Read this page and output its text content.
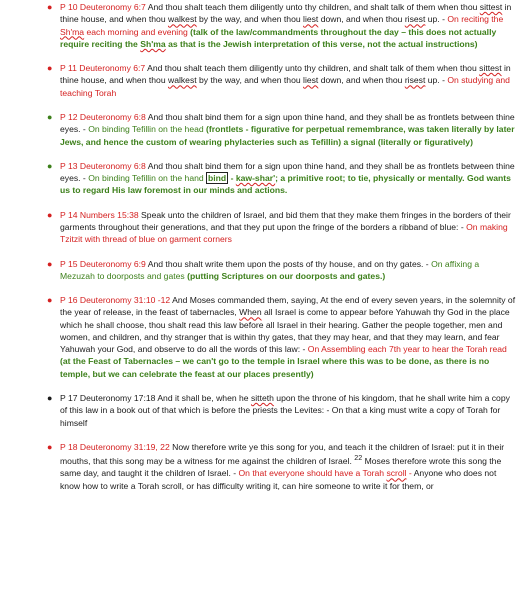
● P 10 Deuteronomy 6:7 And thou shalt teach them diligently unto thy children, and shalt talk of them when thou sittest in thine house, and when thou walkest by the way, and when thou liest down, and when thou risest up. - On reciting the Sh'ma each morning and evening (talk of the law/commandments throughout the day – this does not actually require reciting the Sh'ma as that is the Jewish interpretation of this verse, not the actual instructions)
● P 11 Deuteronomy 6:7 And thou shalt teach them diligently unto thy children, and shalt talk of them when thou sittest in thine house, and when thou walkest by the way, and when thou liest down, and when thou risest up. - On studying and teaching Torah
● P 12 Deuteronomy 6:8 And thou shalt bind them for a sign upon thine hand, and they shall be as frontlets between thine eyes. - On binding Tefillin on the head (frontlets - figurative for perpetual remembrance, was taken literally by later Jews, and hence the custom of wearing phylacteries such as Tefillin) a signal (literally or figuratively)
● P 13 Deuteronomy 6:8 And thou shalt bind them for a sign upon thine hand, and they shall be as frontlets between thine eyes. - On binding Tefillin on the hand bind - kaw-shar'; a primitive root; to tie, physically or mentally. God wants us to regard His law foremost in our minds and actions.
● P 14 Numbers 15:38 Speak unto the children of Israel, and bid them that they make them fringes in the borders of their garments throughout their generations, and that they put upon the fringe of the borders a ribband of blue: - On making Tzitzit with thread of blue on garment corners
● P 15 Deuteronomy 6:9 And thou shalt write them upon the posts of thy house, and on thy gates. - On affixing a Mezuzah to doorposts and gates (putting Scriptures on our doorposts and gates.)
● P 16 Deuteronomy 31:10 -12 And Moses commanded them, saying, At the end of every seven years, in the solemnity of the year of release, in the feast of tabernacles, When all Israel is come to appear before Yahuwah thy God in the place which he shall choose, thou shalt read this law before all Israel in their hearing. Gather the people together, men and women, and children, and thy stranger that is within thy gates, that they may hear, and that they may learn, and fear Yahuwah your God, and observe to do all the words of this law: - On Assembling each 7th year to hear the Torah read (at the Feast of Tabernacles – we can't go to the temple in Israel where this was to be done, as there is no temple, but we can celebrate the feast at our places presently)
● P 17 Deuteronomy 17:18 And it shall be, when he sitteth upon the throne of his kingdom, that he shall write him a copy of this law in a book out of that which is before the priests the Levites: - On that a king must write a copy of Torah for himself
● P 18 Deuteronomy 31:19, 22 Now therefore write ye this song for you, and teach it the children of Israel: put it in their mouths, that this song may be a witness for me against the children of Israel. $^{22}$ Moses therefore wrote this song the same day, and taught it the children of Israel. - On that everyone should have a Torah scroll - Anyone who does not know how to write a Torah scroll, or has difficulty writing it, can hire someone to write it for them, or
